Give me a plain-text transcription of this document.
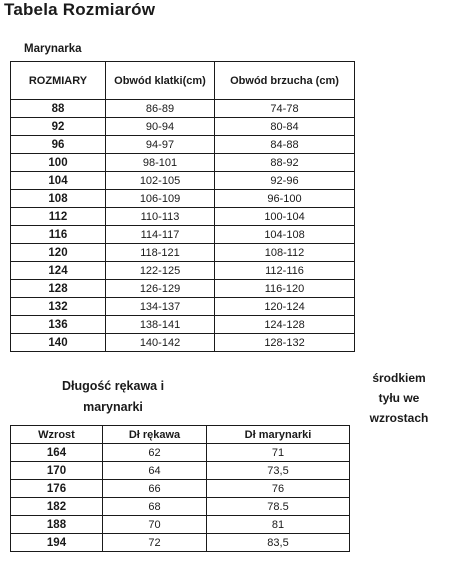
Tabela Rozmiarów
Marynarka
ROZMIARY	Obwód klatki(cm)	Obwód brzucha (cm)
88	86-89	74-78
92	90-94	80-84
96	94-97	84-88
100	98-101	88-92
104	102-105	92-96
108	106-109	96-100
112	110-113	100-104
116	114-117	104-108
120	118-121	108-112
124	122-125	112-116
128	126-129	116-120
132	134-137	120-124
136	138-141	124-128
140	140-142	128-132
Długość rękawa i marynarki
środkiem tyłu we wzrostach
Wzrost	Dł rękawa	Dł marynarki
164	62	71
170	64	73,5
176	66	76
182	68	78.5
188	70	81
194	72	83,5
